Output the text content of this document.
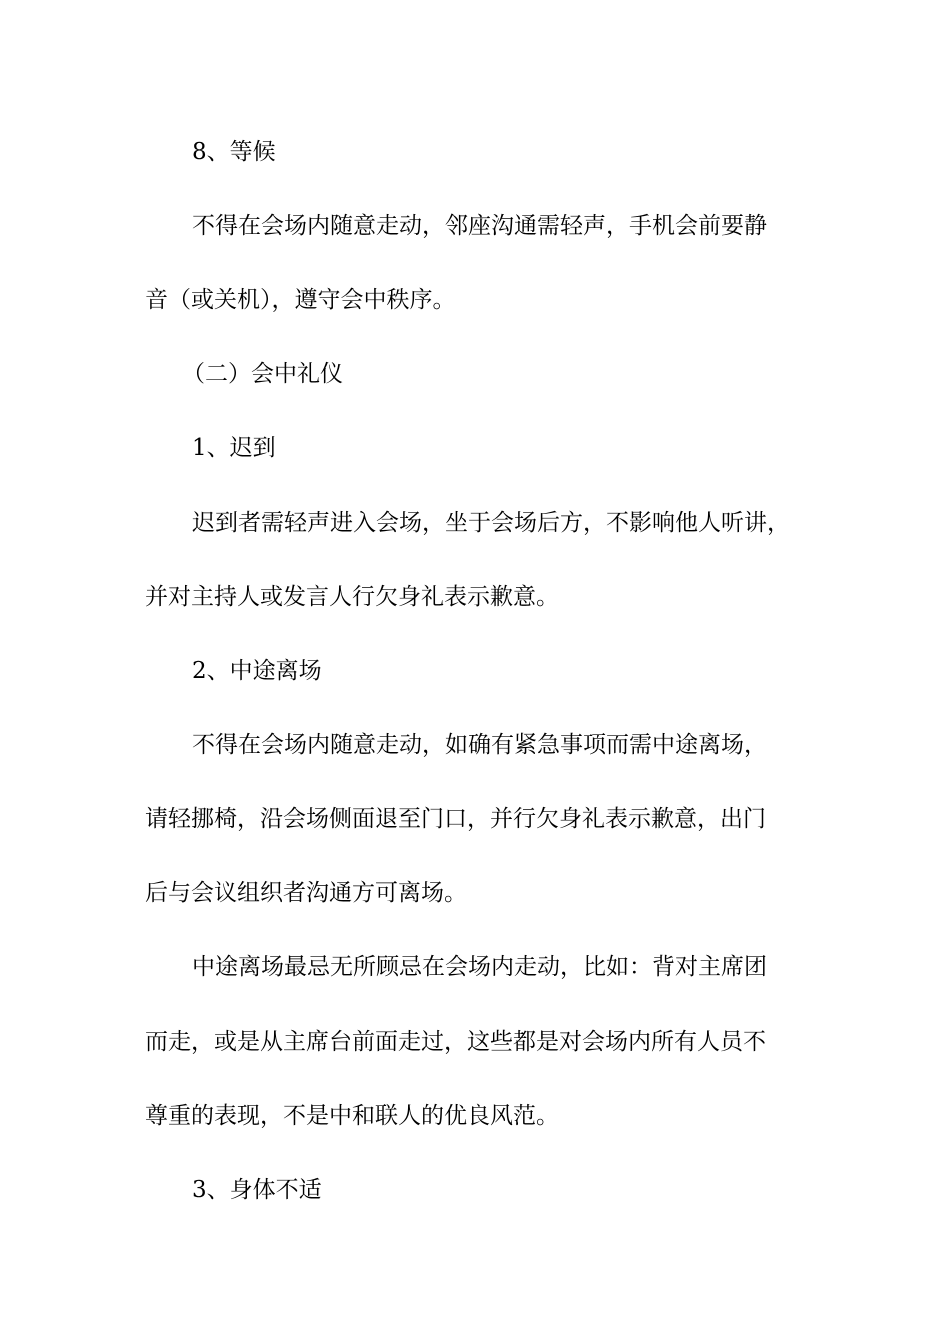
8、等候
不得在会场内随意走动，邻座沟通需轻声，手机会前要静
音（或关机），遵守会中秩序。
（二）会中礼仪
1、迟到
迟到者需轻声进入会场，坐于会场后方，不影响他人听讲，
并对主持人或发言人行欠身礼表示歉意。
2、中途离场
不得在会场内随意走动，如确有紧急事项而需中途离场，
请轻挪椅，沿会场侧面退至门口，并行欠身礼表示歉意，出门
后与会议组织者沟通方可离场。
中途离场最忌无所顾忌在会场内走动，比如：背对主席团
而走，或是从主席台前面走过，这些都是对会场内所有人员不
尊重的表现，不是中和联人的优良风范。
3、身体不适
